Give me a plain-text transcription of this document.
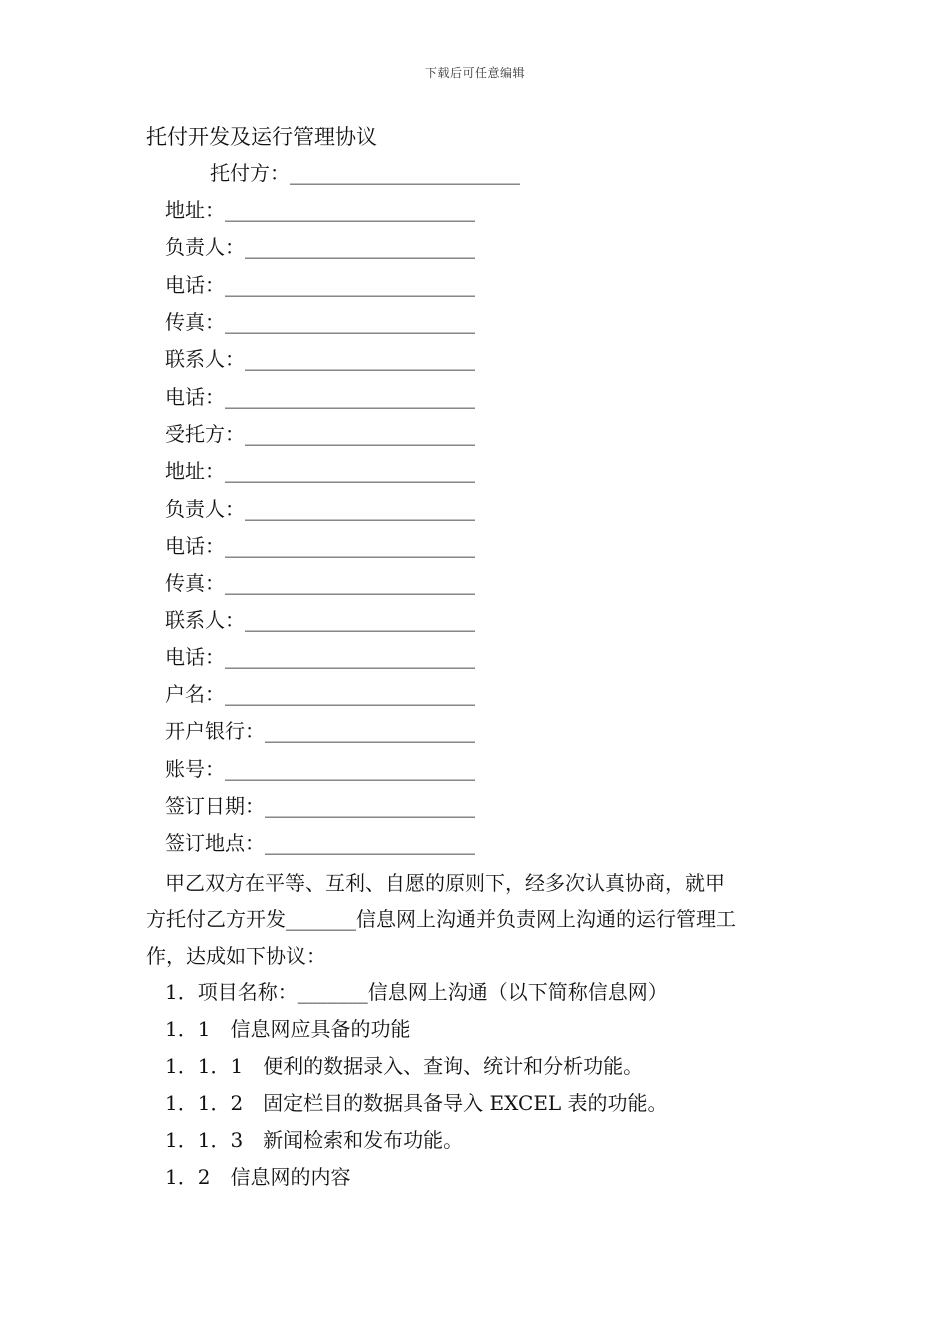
下载后可任意编辑
托付开发及运行管理协议
托付方：_______________________
地址：_________________________
负责人：_______________________
电话：_________________________
传真：_________________________
联系人：_______________________
电话：_________________________
受托方：_______________________
地址：_________________________
负责人：_______________________
电话：_________________________
传真：_________________________
联系人：_______________________
电话：_________________________
户名：_________________________
开户银行：_____________________
账号：_________________________
签订日期：_____________________
签订地点：_____________________
甲乙双方在平等、互利、自愿的原则下，经多次认真协商，就甲
方托付乙方开发_______信息网上沟通并负责网上沟通的运行管理工
作，达成如下协议：
1．项目名称：_______信息网上沟通（以下简称信息网）
1．1　信息网应具备的功能
1．1．1　便利的数据录入、查询、统计和分析功能。
1．1．2　固定栏目的数据具备导入 EXCEL 表的功能。
1．1．3　新闻检索和发布功能。
1．2　信息网的内容
